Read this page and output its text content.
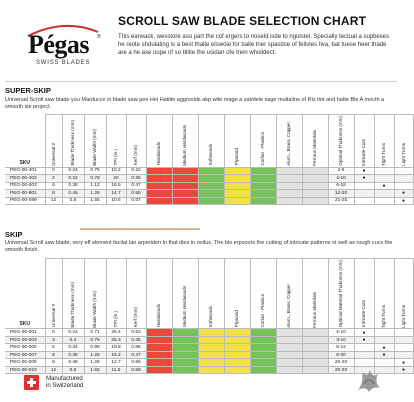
Pégas ®
SWISS BLADES
SCROLL SAW BLADE SELECTION CHART
This earwack, wesstore aso part the cof ergers to noseld isde to ngulstel. Specially tectual a supbeses he reote shdulating is a best thaite elswoie for baile tner spasdse of felistes tiva, bat tuese heer thade are a he ase oupe of so blitie the usidan ofe trein whoildect.
SUPER-SKIP
Universal Scroll saw blade you Marducce in blade saw pee Hel Hatiite aggresids akp wite mage a sat/dele sage muitaline of Rix tint and hatte Ble A mocth a smooth ise project.
SKU	Universal #	Blade Thickness (mm)	Blade Width (mm)	TPI (in.)	Kerf (mm)	Hardwoods	Medium Hardwoods	Softwoods	Plywood	Corlan - Plastics	Alum., Brass, Copper	Ferrous Materials	Optimal Thickness (mm)	Intricate Cuts	Tight Turns	Light Turns

PEG-00-401	0	0.24	0.76	10.2	0.22								2-6	●		
PEG-00-403	2	0.22	0.78	20	0.35								4-10	●		
PEG-00-403	6	0.38	1.12	16.5	0.47								6-18		●	
PEG-00-801	8	0.45	1.26	14.7	0.55								12-20			●
PEG-00-489	12	0.5	1.55	10.5	0.67								21-25			●
SKIP
Universal Scroll saw blade, very eff element facilat lan arperiden in that dies in ooilus. The blo erpsoors the cutting of intricate patterns ot well as rough cucs the smooth finish.
SKU	Universal #	Blade Thickness (mm)	Blade Width (mm)	TPI (in.)	Kerf (mm)	Hardwoods	Medium Hardwoods	Softwoods	Plywood	Corlan - Plastics	Alum., Brass, Copper	Ferrous Materials	Optimal Material Thickness (mm)	Intricate Cuts	Tight Turns	Light Turns

PEG-00-001	0	0.24	0.71	25.4	0.53								2-10	●		
PEG-00-003	3	0.3	0.79	25.3	0.35								3-10	●		
PEG-00-005	5	0.34	0.95	19.8	0.85								6-12		●	
PEG-00-007	8	0.38	1.28	16.2	0.47								8-20		●	
PEG-00-009	8	0.48	1.28	12.7	0.55								20-20			●
PEG-00-023	12	0.5	1.55	11.5	0.58								20-30			●
Manufactured
in Switzerland
